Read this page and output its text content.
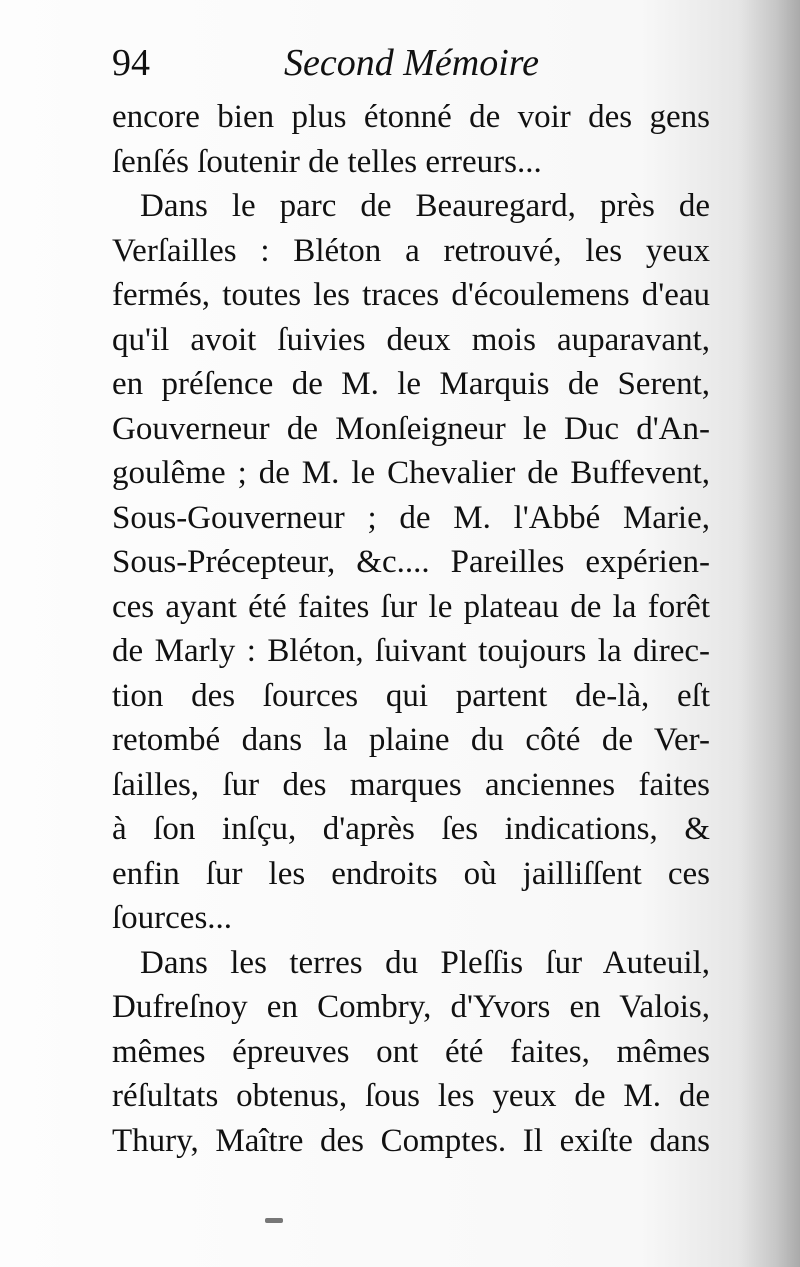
94	Second Mémoire
encore bien plus étonné de voir des gens
ſenſés ſoutenir de telles erreurs...
Dans le parc de Beauregard, près de
Verſailles : Bléton a retrouvé, les yeux
fermés, toutes les traces d'écoulemens d'eau
qu'il avoit ſuivies deux mois auparavant,
en préſence de M. le Marquis de Serent,
Gouverneur de Monſeigneur le Duc d'An-
goulême ; de M. le Chevalier de Buffevent,
Sous-Gouverneur ; de M. l'Abbé Marie,
Sous-Précepteur, &c.... Pareilles expérien-
ces ayant été faites ſur le plateau de la forêt
de Marly : Bléton, ſuivant toujours la direc-
tion des ſources qui partent de-là, eſt
retombé dans la plaine du côté de Ver-
ſailles, ſur des marques anciennes faites
à ſon inſçu, d'après ſes indications, &
enfin ſur les endroits où jailliſſent ces
ſources...
Dans les terres du Pleſſis ſur Auteuil,
Dufreſnoy en Combry, d'Yvors en Valois,
mêmes épreuves ont été faites, mêmes
réſultats obtenus, ſous les yeux de M. de
Thury, Maître des Comptes. Il exiſte dans
